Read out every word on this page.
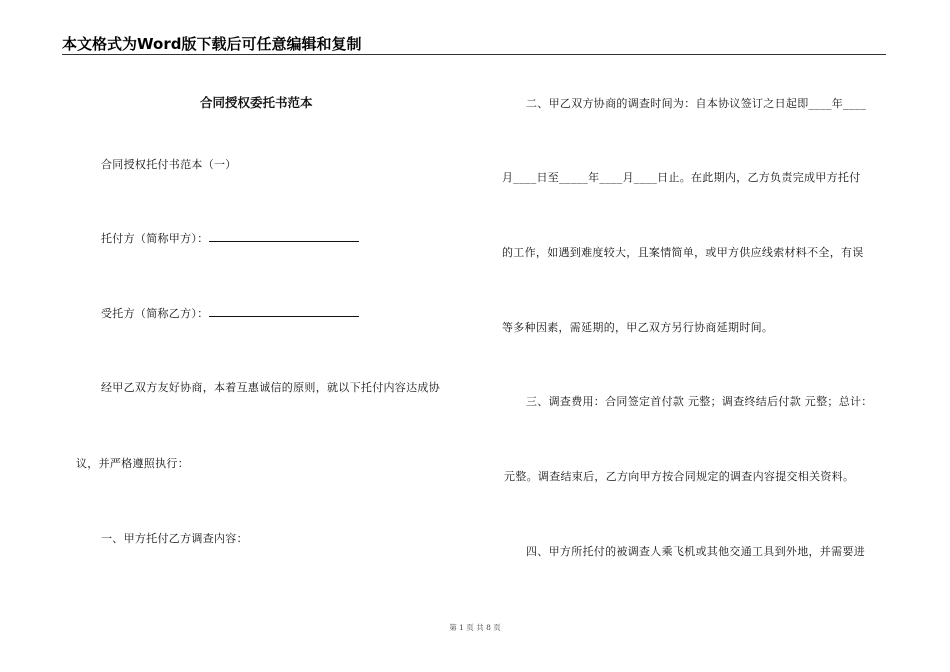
本文格式为Word版下载后可任意编辑和复制
合同授权委托书范本
合同授权托付书范本（一）
托付方（简称甲方）：
受托方（简称乙方）：
经甲乙双方友好协商，本着互惠诚信的原则，就以下托付内容达成协
议，并严格遵照执行：
一、甲方托付乙方调查内容：
二、甲乙双方协商的调查时间为：自本协议签订之日起即____年____
月____日至_____年____月____日止。在此期内，乙方负责完成甲方托付
的工作，如遇到难度较大，且案情简单，或甲方供应线索材料不全，有误
等多种因素，需延期的，甲乙双方另行协商延期时间。
三、调查费用：合同签定首付款 元整；调查终结后付款 元整；总计：
元整。调查结束后，乙方向甲方按合同规定的调查内容提交相关资料。
四、甲方所托付的被调查人乘飞机或其他交通工具到外地，并需要进
第 1 页 共 8 页
